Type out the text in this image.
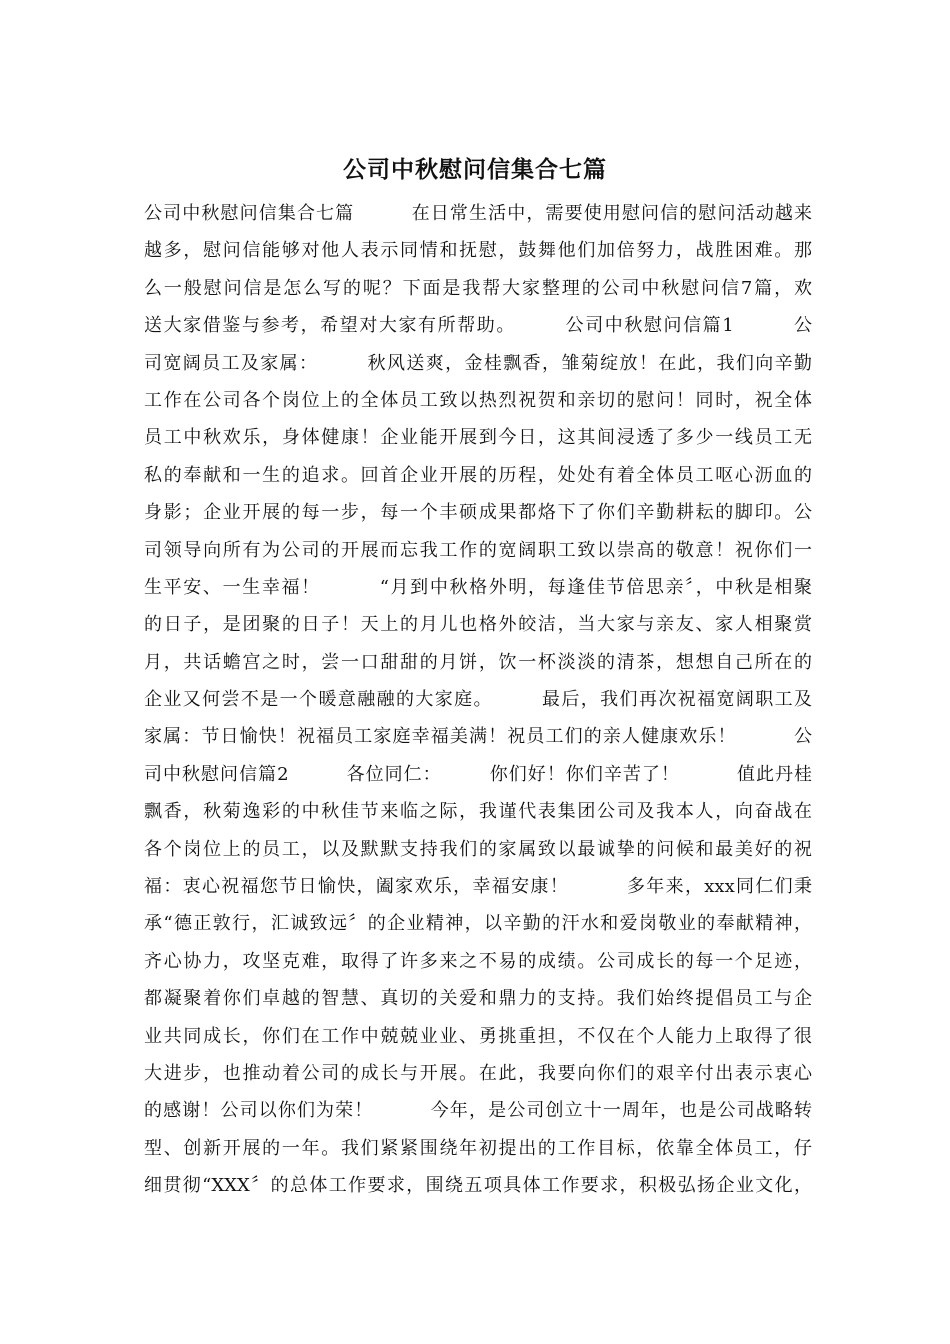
公司中秋慰问信集合七篇
公司中秋慰问信集合七篇　　　在日常生活中，需要使用慰问信的慰问活动越来
越多，慰问信能够对他人表示同情和抚慰，鼓舞他们加倍努力，战胜困难。那
么一般慰问信是怎么写的呢？下面是我帮大家整理的公司中秋慰问信7篇，欢
送大家借鉴与参考，希望对大家有所帮助。　　　公司中秋慰问信篇1　　　公
司宽阔员工及家属：　　　秋风送爽，金桂飘香，雏菊绽放！在此，我们向辛勤
工作在公司各个岗位上的全体员工致以热烈祝贺和亲切的慰问！同时，祝全体
员工中秋欢乐，身体健康！企业能开展到今日，这其间浸透了多少一线员工无
私的奉献和一生的追求。回首企业开展的历程，处处有着全体员工呕心沥血的
身影；企业开展的每一步，每一个丰硕成果都烙下了你们辛勤耕耘的脚印。公
司领导向所有为公司的开展而忘我工作的宽阔职工致以崇高的敬意！祝你们一
生平安、一生幸福！　　　“月到中秋格外明，每逢佳节倍思亲〞，中秋是相聚
的日子，是团聚的日子！天上的月儿也格外皎洁，当大家与亲友、家人相聚赏
月，共话蟾宫之时，尝一口甜甜的月饼，饮一杯淡淡的清茶，想想自己所在的
企业又何尝不是一个暖意融融的大家庭。　　　最后，我们再次祝福宽阔职工及
家属：节日愉快！祝福员工家庭幸福美满！祝员工们的亲人健康欢乐！　　　公
司中秋慰问信篇2　　　各位同仁：　　　你们好！你们辛苦了！　　　值此丹桂
飘香，秋菊逸彩的中秋佳节来临之际，我谨代表集团公司及我本人，向奋战在
各个岗位上的员工，以及默默支持我们的家属致以最诚挚的问候和最美好的祝
福：衷心祝福您节日愉快，阖家欢乐，幸福安康！　　　多年来，xxx同仁们秉
承“德正敦行，汇诚致远〞的企业精神，以辛勤的汗水和爱岗敬业的奉献精神，
齐心协力，攻坚克难，取得了许多来之不易的成绩。公司成长的每一个足迹，
都凝聚着你们卓越的智慧、真切的关爱和鼎力的支持。我们始终提倡员工与企
业共同成长，你们在工作中兢兢业业、勇挑重担，不仅在个人能力上取得了很
大进步，也推动着公司的成长与开展。在此，我要向你们的艰辛付出表示衷心
的感谢！公司以你们为荣！　　　今年，是公司创立十一周年，也是公司战略转
型、创新开展的一年。我们紧紧围绕年初提出的工作目标，依靠全体员工，仔
细贯彻“XXX〞的总体工作要求，围绕五项具体工作要求，积极弘扬企业文化，
